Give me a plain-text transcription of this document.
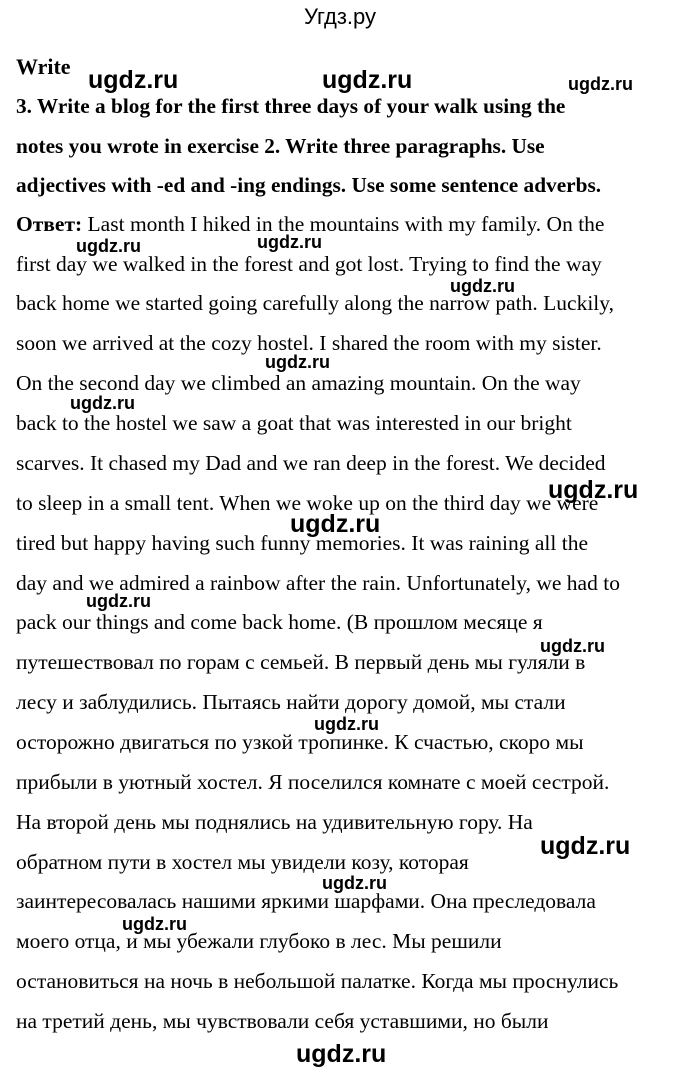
Угдз.ру
Write
3. Write a blog for the first three days of your walk using the
notes you wrote in exercise 2. Write three paragraphs. Use
adjectives with -ed and -ing endings. Use some sentence adverbs.
Ответ: Last month I hiked in the mountains with my family. On the
first day we walked in the forest and got lost. Trying to find the way
back home we started going carefully along the narrow path. Luckily,
soon we arrived at the cozy hostel. I shared the room with my sister.
On the second day we climbed an amazing mountain. On the way
back to the hostel we saw a goat that was interested in our bright
scarves. It chased my Dad and we ran deep in the forest. We decided
to sleep in a small tent. When we woke up on the third day we were
tired but happy having such funny memories. It was raining all the
day and we admired a rainbow after the rain. Unfortunately, we had to
pack our things and come back home. (В прошлом месяце я
путешествовал по горам с семьей. В первый день мы гуляли в
лесу и заблудились. Пытаясь найти дорогу домой, мы стали
осторожно двигаться по узкой тропинке. К счастью, скоро мы
прибыли в уютный хостел. Я поселился комнате с моей сестрой.
На второй день мы поднялись на удивительную гору. На
обратном пути в хостел мы увидели козу, которая
заинтересовалась нашими яркими шарфами. Она преследовала
моего отца, и мы убежали глубоко в лес. Мы решили
остановиться на ночь в небольшой палатке. Когда мы проснулись
на третий день, мы чувствовали себя уставшими, но были
ugdz.ru	ugdz.ru	ugdz.ru
ugdz.ru	ugdz.ru
ugdz.ru
ugdz.ru
ugdz.ru
ugdz.ru
ugdz.ru
ugdz.ru
ugdz.ru
ugdz.ru
ugdz.ru
ugdz.ru
ugdz.ru
ugdz.ru
